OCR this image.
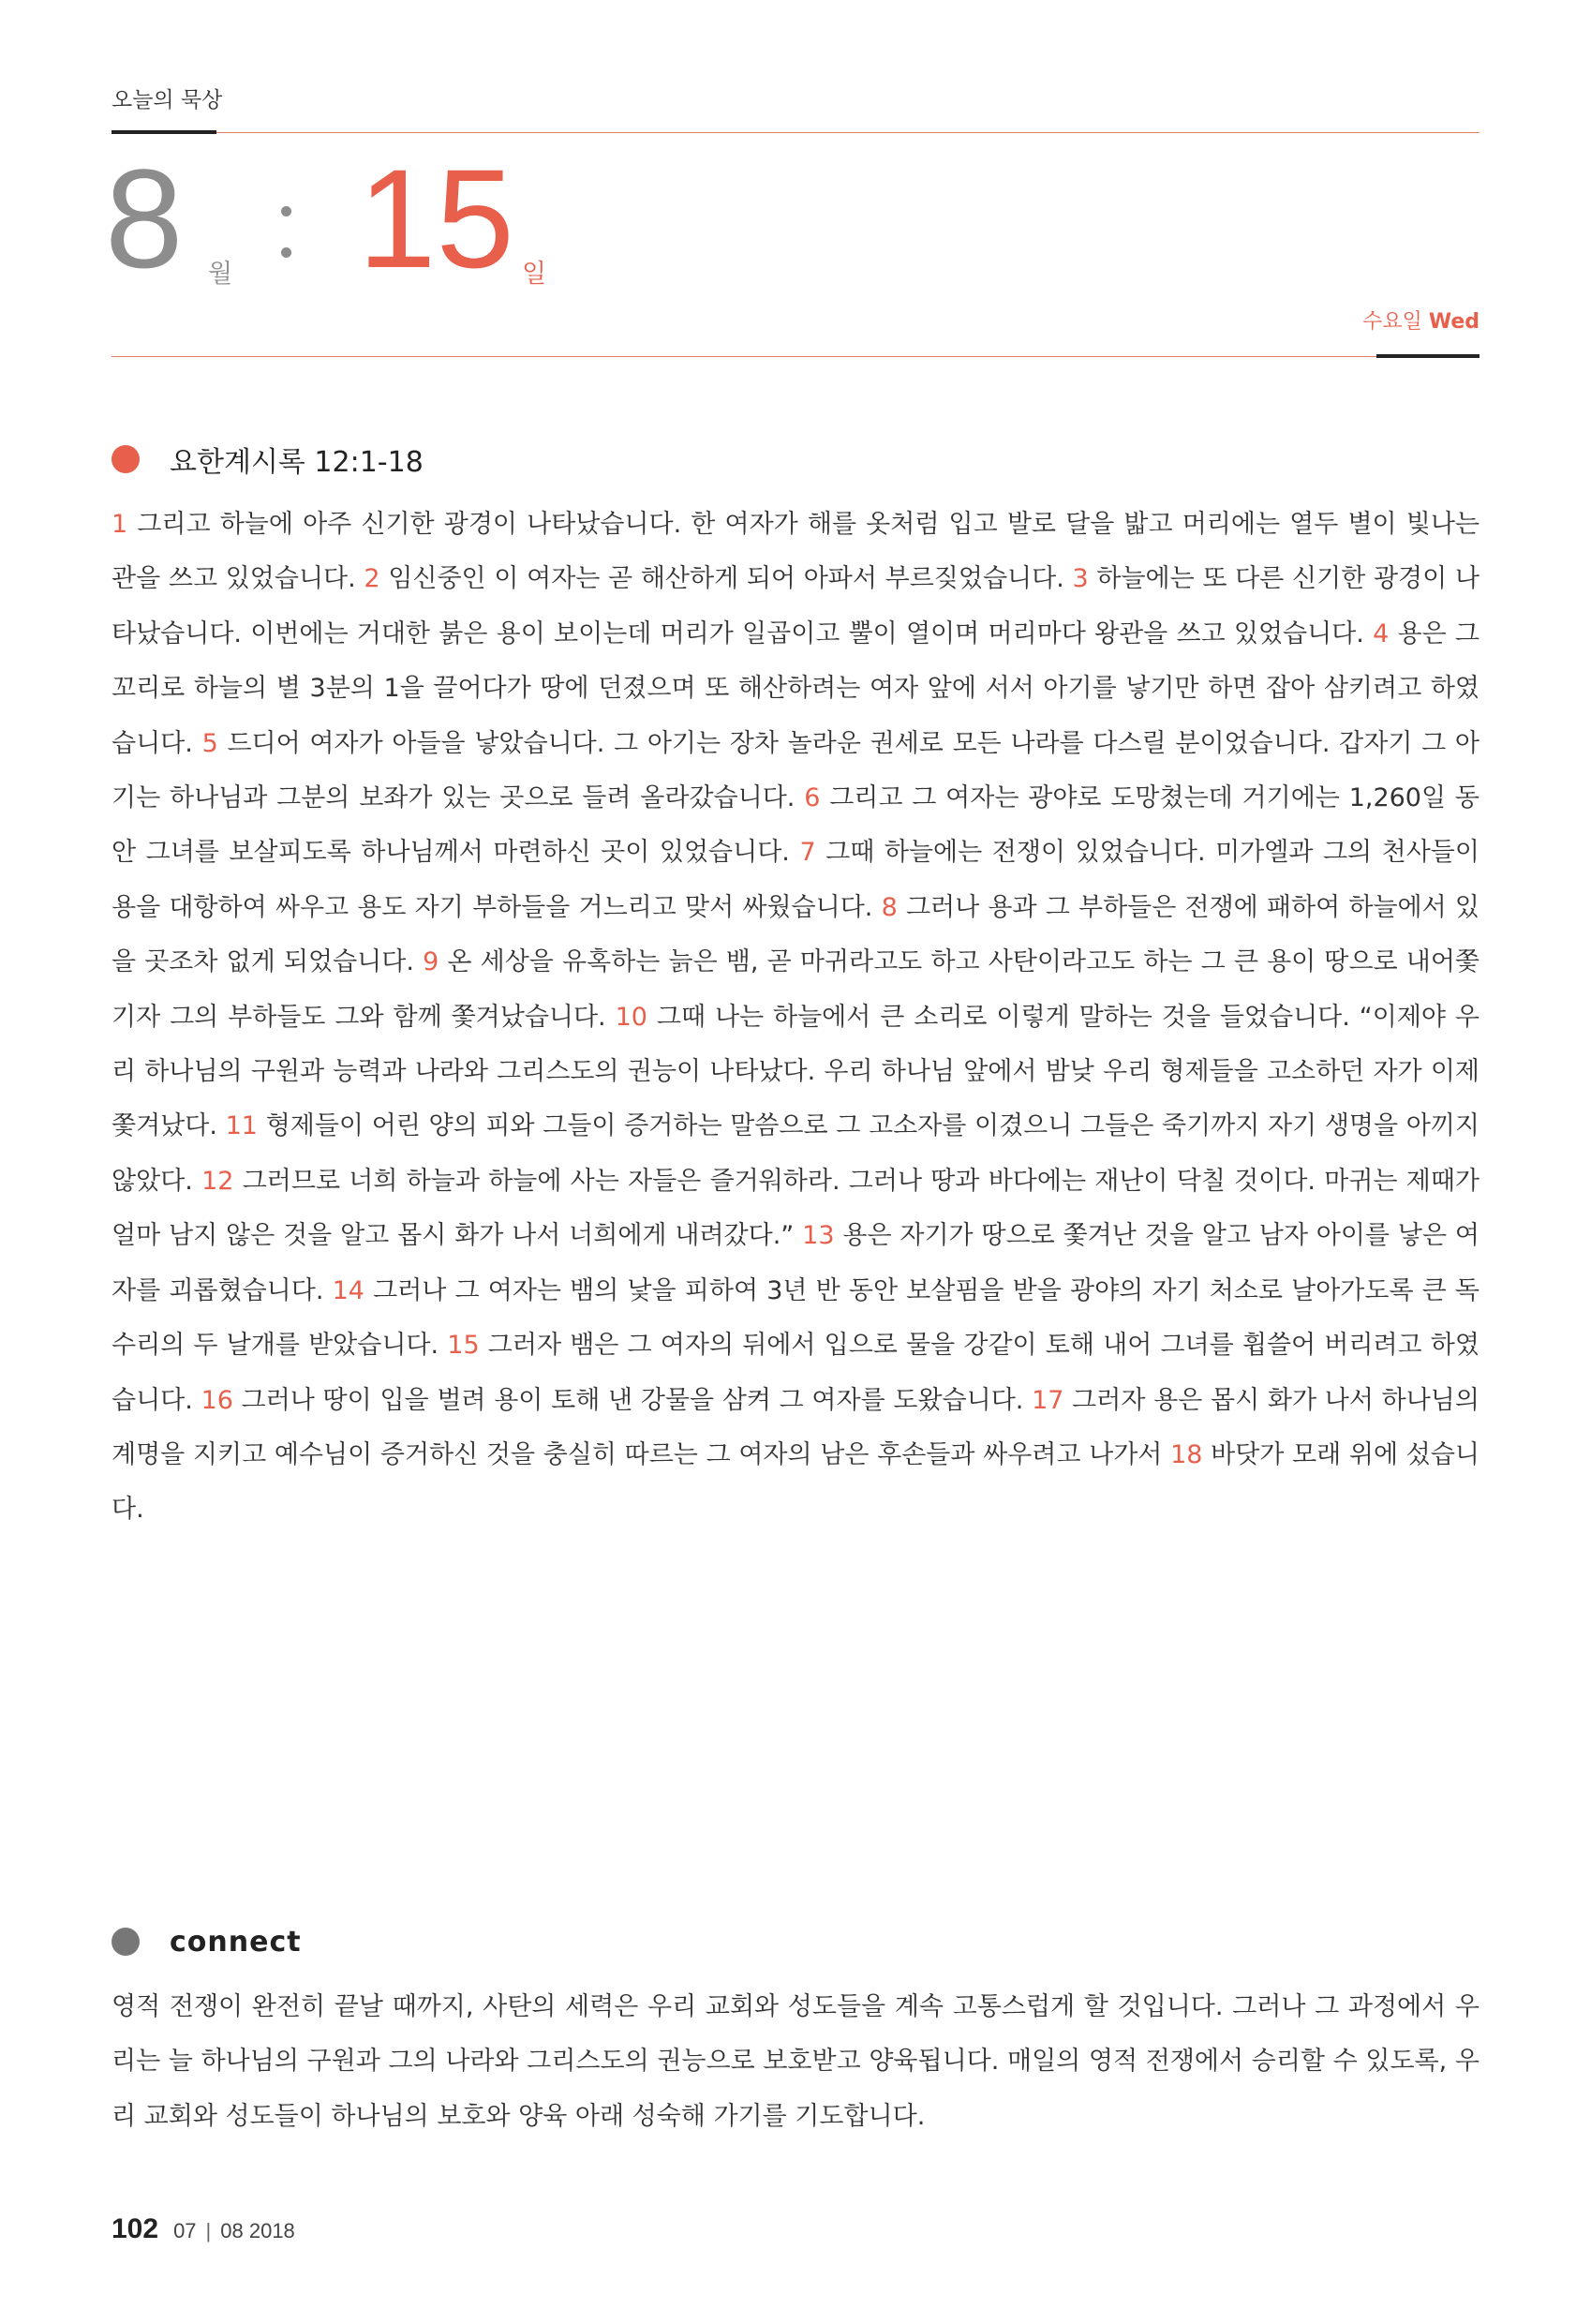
오늘의 묵상
8 월 15 일
수요일 Wed
요한계시록 12:1-18
1 그리고 하늘에 아주 신기한 광경이 나타났습니다. 한 여자가 해를 옷처럼 입고 발로 달을 밟고 머리에는 열두 별이 빛나는 관을 쓰고 있었습니다. 2 임신중인 이 여자는 곧 해산하게 되어 아파서 부르짖었습니다. 3 하늘에는 또 다른 신기한 광경이 나타났습니다. 이번에는 거대한 붉은 용이 보이는데 머리가 일곱이고 뿔이 열이며 머리마다 왕관을 쓰고 있었습니다. 4 용은 그 꼬리로 하늘의 별 3분의 1을 끌어다가 땅에 던졌으며 또 해산하려는 여자 앞에 서서 아기를 낳기만 하면 잡아 삼키려고 하였습니다. 5 드디어 여자가 아들을 낳았습니다. 그 아기는 장차 놀라운 권세로 모든 나라를 다스릴 분이었습니다. 갑자기 그 아기는 하나님과 그분의 보좌가 있는 곳으로 들려 올라갔습니다. 6 그리고 그 여자는 광야로 도망쳤는데 거기에는 1,260일 동안 그녀를 보살피도록 하나님께서 마련하신 곳이 있었습니다. 7 그때 하늘에는 전쟁이 있었습니다. 미가엘과 그의 천사들이 용을 대항하여 싸우고 용도 자기 부하들을 거느리고 맞서 싸웠습니다. 8 그러나 용과 그 부하들은 전쟁에 패하여 하늘에서 있을 곳조차 없게 되었습니다. 9 온 세상을 유혹하는 늙은 뱀, 곧 마귀라고도 하고 사탄이라고도 하는 그 큰 용이 땅으로 내어쫓기자 그의 부하들도 그와 함께 쫓겨났습니다. 10 그때 나는 하늘에서 큰 소리로 이렇게 말하는 것을 들었습니다. “이제야 우리 하나님의 구원과 능력과 나라와 그리스도의 권능이 나타났다. 우리 하나님 앞에서 밤낮 우리 형제들을 고소하던 자가 이제 쫓겨났다. 11 형제들이 어린 양의 피와 그들이 증거하는 말씀으로 그 고소자를 이겼으니 그들은 죽기까지 자기 생명을 아끼지 않았다. 12 그러므로 너희 하늘과 하늘에 사는 자들은 즐거워하라. 그러나 땅과 바다에는 재난이 닥칠 것이다. 마귀는 제때가 얼마 남지 않은 것을 알고 몹시 화가 나서 너희에게 내려갔다.” 13 용은 자기가 땅으로 쫓겨난 것을 알고 남자 아이를 낳은 여자를 괴롭혔습니다. 14 그러나 그 여자는 뱀의 낯을 피하여 3년 반 동안 보살핌을 받을 광야의 자기 처소로 날아가도록 큰 독수리의 두 날개를 받았습니다. 15 그러자 뱀은 그 여자의 뒤에서 입으로 물을 강같이 토해 내어 그녀를 휩쓸어 버리려고 하였습니다. 16 그러나 땅이 입을 벌려 용이 토해 낸 강물을 삼켜 그 여자를 도왔습니다. 17 그러자 용은 몹시 화가 나서 하나님의 계명을 지키고 예수님이 증거하신 것을 충실히 따르는 그 여자의 남은 후손들과 싸우려고 나가서 18 바닷가 모래 위에 섰습니다.
connect
영적 전쟁이 완전히 끝날 때까지, 사탄의 세력은 우리 교회와 성도들을 계속 고통스럽게 할 것입니다. 그러나 그 과정에서 우리는 늘 하나님의 구원과 그의 나라와 그리스도의 권능으로 보호받고 양육됩니다. 매일의 영적 전쟁에서 승리할 수 있도록, 우리 교회와 성도들이 하나님의 보호와 양육 아래 성숙해 가기를 기도합니다.
102 07 | 08 2018
